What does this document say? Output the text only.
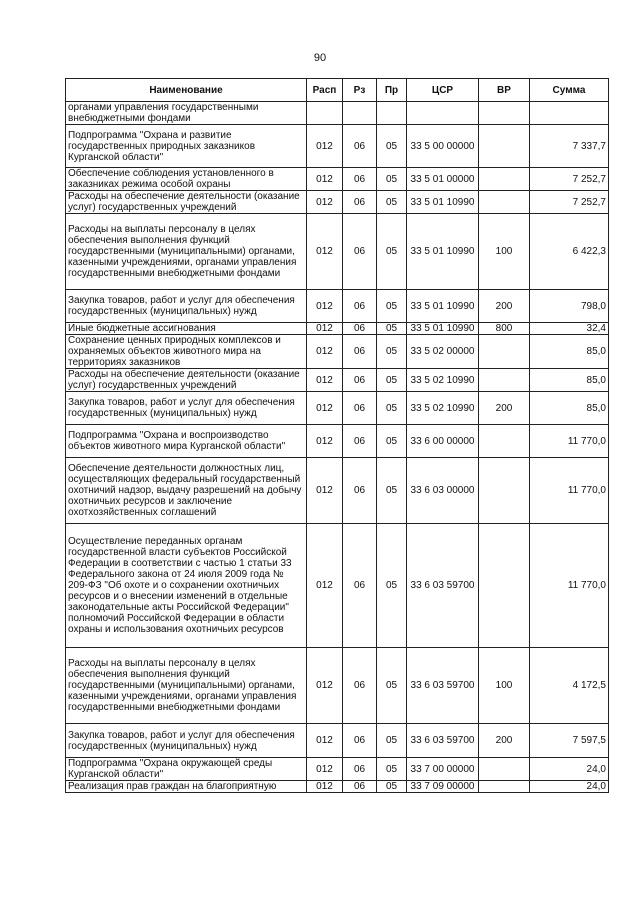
90
Наименование	Расп	Рз	Пр	ЦСР	ВР	Сумма
органами управления государственными внебюджетными фондами						
Подпрограмма "Охрана и развитие государственных природных заказников Курганской области"	012	06	05	33 5 00 00000		7 337,7
Обеспечение соблюдения установленного в заказниках режима особой охраны	012	06	05	33 5 01 00000		7 252,7
Расходы на обеспечение деятельности (оказание услуг) государственных учреждений	012	06	05	33 5 01 10990		7 252,7
Расходы на выплаты персоналу в целях обеспечения выполнения функций государственными (муниципальными) органами, казенными учреждениями, органами управления государственными внебюджетными фондами	012	06	05	33 5 01 10990	100	6 422,3
Закупка товаров, работ и услуг для обеспечения государственных (муниципальных) нужд	012	06	05	33 5 01 10990	200	798,0
Иные бюджетные ассигнования	012	06	05	33 5 01 10990	800	32,4
Сохранение ценных природных комплексов и охраняемых объектов животного мира на территориях заказников	012	06	05	33 5 02 00000		85,0
Расходы на обеспечение деятельности (оказание услуг) государственных учреждений	012	06	05	33 5 02 10990		85,0
Закупка товаров, работ и услуг для обеспечения государственных (муниципальных) нужд	012	06	05	33 5 02 10990	200	85,0
Подпрограмма "Охрана и воспроизводство объектов животного мира Курганской области"	012	06	05	33 6 00 00000		11 770,0
Обеспечение деятельности должностных лиц, осуществляющих федеральный государственный охотничий надзор, выдачу разрешений на добычу охотничьих ресурсов и заключение охотхозяйственных соглашений	012	06	05	33 6 03 00000		11 770,0
Осуществление переданных органам государственной власти субъектов Российской Федерации в соответствии с частью 1 статьи 33 Федерального закона от 24 июля 2009 года № 209-ФЗ "Об охоте и о сохранении охотничьих ресурсов и о внесении изменений в отдельные законодательные акты Российской Федерации" полномочий Российской Федерации в области охраны и использования охотничьих ресурсов	012	06	05	33 6 03 59700		11 770,0
Расходы на выплаты персоналу в целях обеспечения выполнения функций государственными (муниципальными) органами, казенными учреждениями, органами управления государственными внебюджетными фондами	012	06	05	33 6 03 59700	100	4 172,5
Закупка товаров, работ и услуг для обеспечения государственных (муниципальных) нужд	012	06	05	33 6 03 59700	200	7 597,5
Подпрограмма "Охрана окружающей среды Курганской области"	012	06	05	33 7 00 00000		24,0
Реализация прав граждан на благоприятную	012	06	05	33 7 09 00000		24,0
